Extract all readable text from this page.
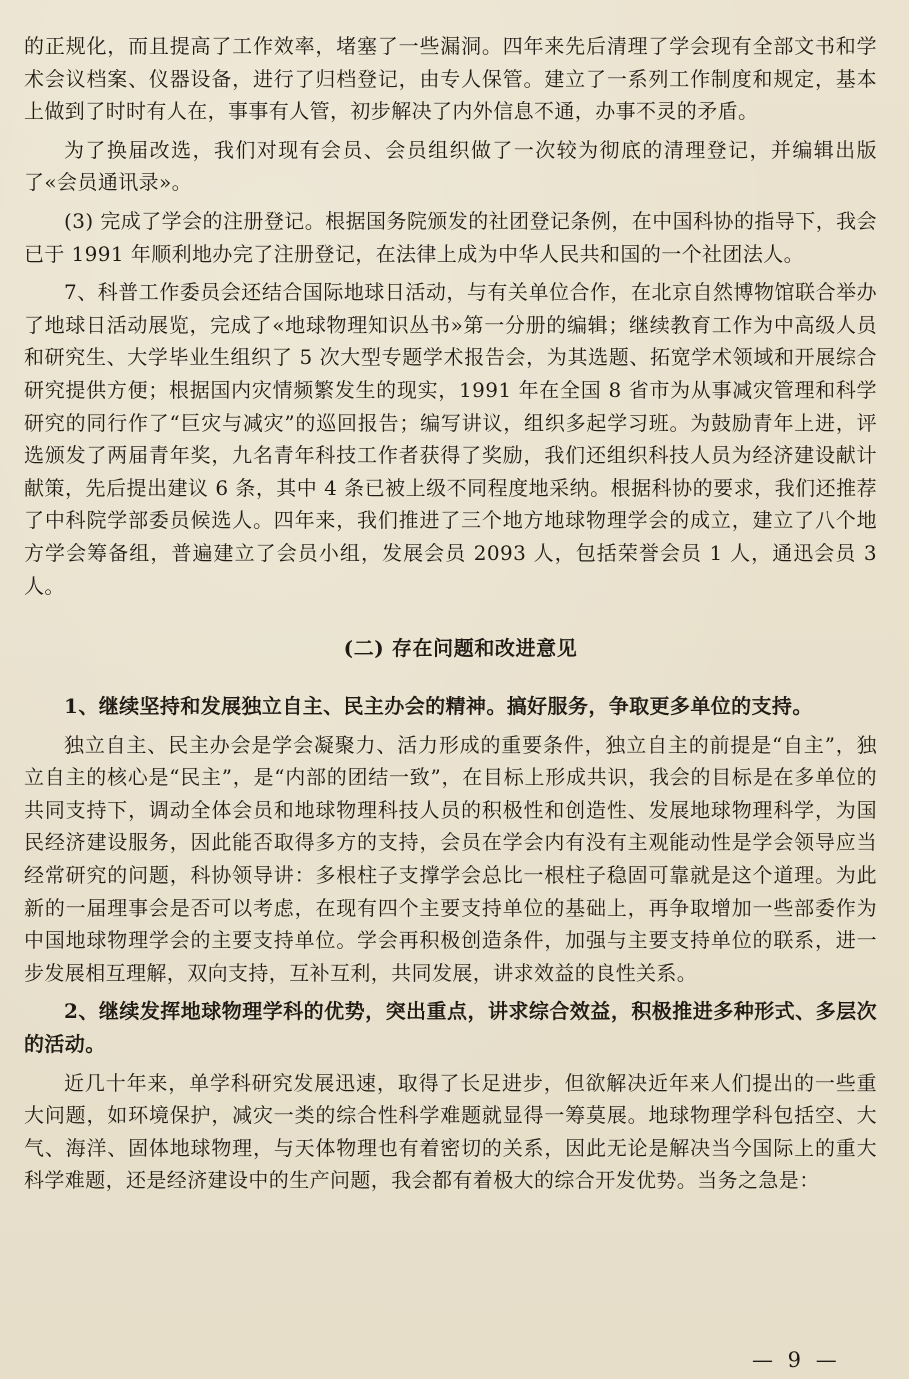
的正规化，而且提高了工作效率，堵塞了一些漏洞。四年来先后清理了学会现有全部文书和学术会议档案、仪器设备，进行了归档登记，由专人保管。建立了一系列工作制度和规定，基本上做到了时时有人在，事事有人管，初步解决了内外信息不通，办事不灵的矛盾。

为了换届改选，我们对现有会员、会员组织做了一次较为彻底的清理登记，并编辑出版了«会员通讯录»。

(3) 完成了学会的注册登记。根据国务院颁发的社团登记条例，在中国科协的指导下，我会已于 1991 年顺利地办完了注册登记，在法律上成为中华人民共和国的一个社团法人。

7、科普工作委员会还结合国际地球日活动，与有关单位合作，在北京自然博物馆联合举办了地球日活动展览，完成了«地球物理知识丛书»第一分册的编辑；继续教育工作为中高级人员和研究生、大学毕业生组织了 5 次大型专题学术报告会，为其选题、拓宽学术领域和开展综合研究提供方便；根据国内灾情频繁发生的现实，1991 年在全国 8 省市为从事减灾管理和科学研究的同行作了“巨灾与减灾”的巡回报告；编写讲议，组织多起学习班。为鼓励青年上进，评选颁发了两届青年奖，九名青年科技工作者获得了奖励，我们还组织科技人员为经济建设献计献策，先后提出建议 6 条，其中 4 条已被上级不同程度地采纳。根据科协的要求，我们还推荐了中科院学部委员候选人。四年来，我们推进了三个地方地球物理学会的成立，建立了八个地方学会筹备组，普遍建立了会员小组，发展会员 2093 人，包括荣誉会员 1 人，通迅会员 3 人。

(二) 存在问题和改进意见

1、继续坚持和发展独立自主、民主办会的精神。搞好服务，争取更多单位的支持。

独立自主、民主办会是学会凝聚力、活力形成的重要条件，独立自主的前提是“自主”，独立自主的核心是“民主”，是“内部的团结一致”，在目标上形成共识，我会的目标是在多单位的共同支持下，调动全体会员和地球物理科技人员的积极性和创造性、发展地球物理科学，为国民经济建设服务，因此能否取得多方的支持，会员在学会内有没有主观能动性是学会领导应当经常研究的问题，科协领导讲：多根柱子支撑学会总比一根柱子稳固可靠就是这个道理。为此新的一届理事会是否可以考虑，在现有四个主要支持单位的基础上，再争取增加一些部委作为中国地球物理学会的主要支持单位。学会再积极创造条件，加强与主要支持单位的联系，进一步发展相互理解，双向支持，互补互利，共同发展，讲求效益的良性关系。

2、继续发挥地球物理学科的优势，突出重点，讲求综合效益，积极推进多种形式、多层次的活动。

近几十年来，单学科研究发展迅速，取得了长足进步，但欲解决近年来人们提出的一些重大问题，如环境保护，减灾一类的综合性科学难题就显得一筹莫展。地球物理学科包括空、大气、海洋、固体地球物理，与天体物理也有着密切的关系，因此无论是解决当今国际上的重大科学难题，还是经济建设中的生产问题，我会都有着极大的综合开发优势。当务之急是：

— 9 —
